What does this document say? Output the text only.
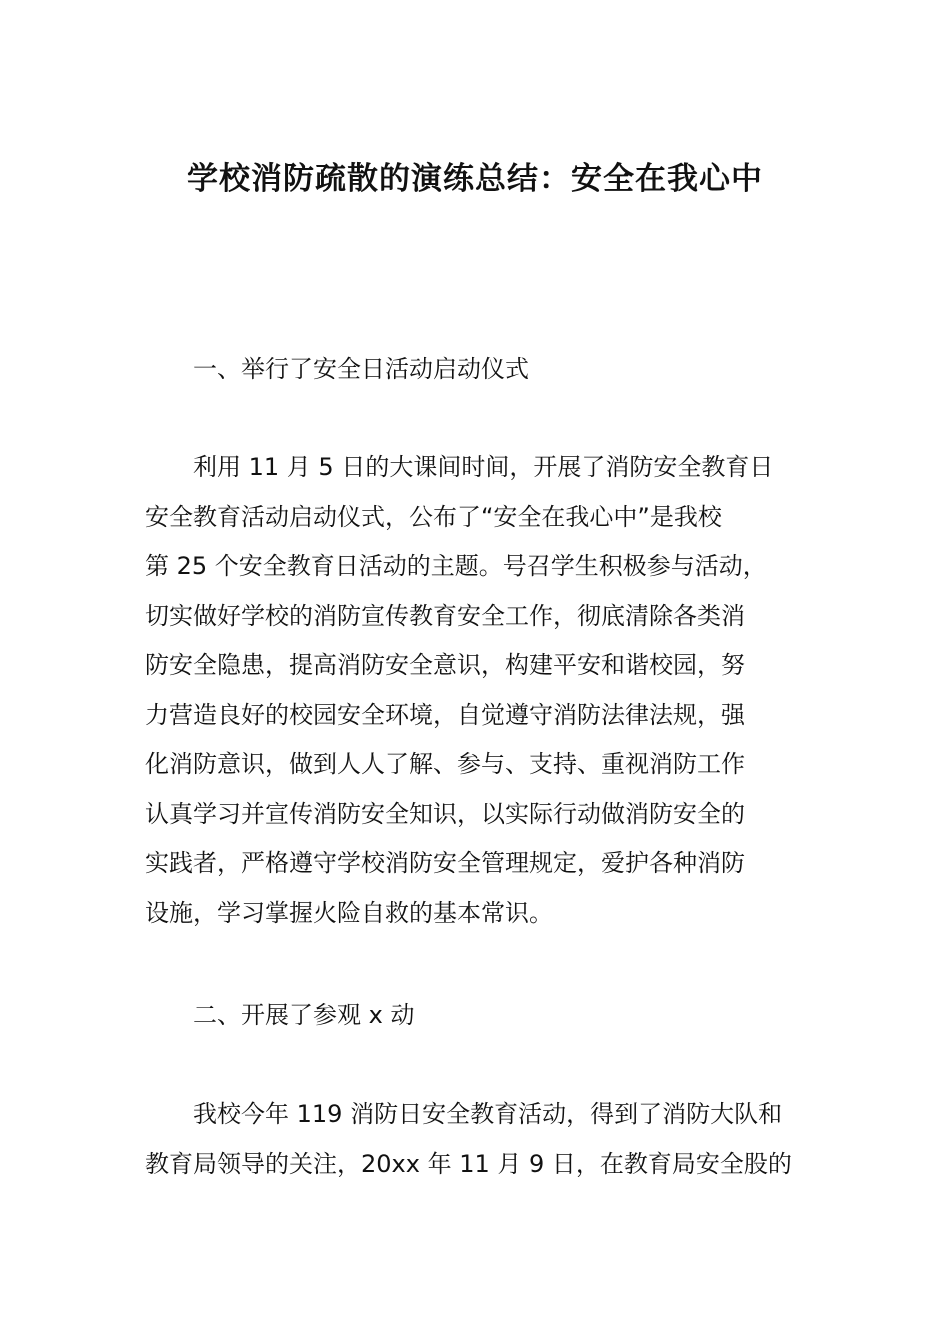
学校消防疏散的演练总结：安全在我心中

一、举行了安全日活动启动仪式

　　利用 11 月 5 日的大课间时间，开展了消防安全教育日
安全教育活动启动仪式，公布了“安全在我心中”是我校
第 25 个安全教育日活动的主题。号召学生积极参与活动，
切实做好学校的消防宣传教育安全工作，彻底清除各类消
防安全隐患，提高消防安全意识，构建平安和谐校园，努
力营造良好的校园安全环境，自觉遵守消防法律法规，强
化消防意识，做到人人了解、参与、支持、重视消防工作
认真学习并宣传消防安全知识，以实际行动做消防安全的
实践者，严格遵守学校消防安全管理规定，爱护各种消防
设施，学习掌握火险自救的基本常识。

二、开展了参观 x 动

　　我校今年 119 消防日安全教育活动，得到了消防大队和
教育局领导的关注，20xx 年 11 月 9 日，在教育局安全股的
